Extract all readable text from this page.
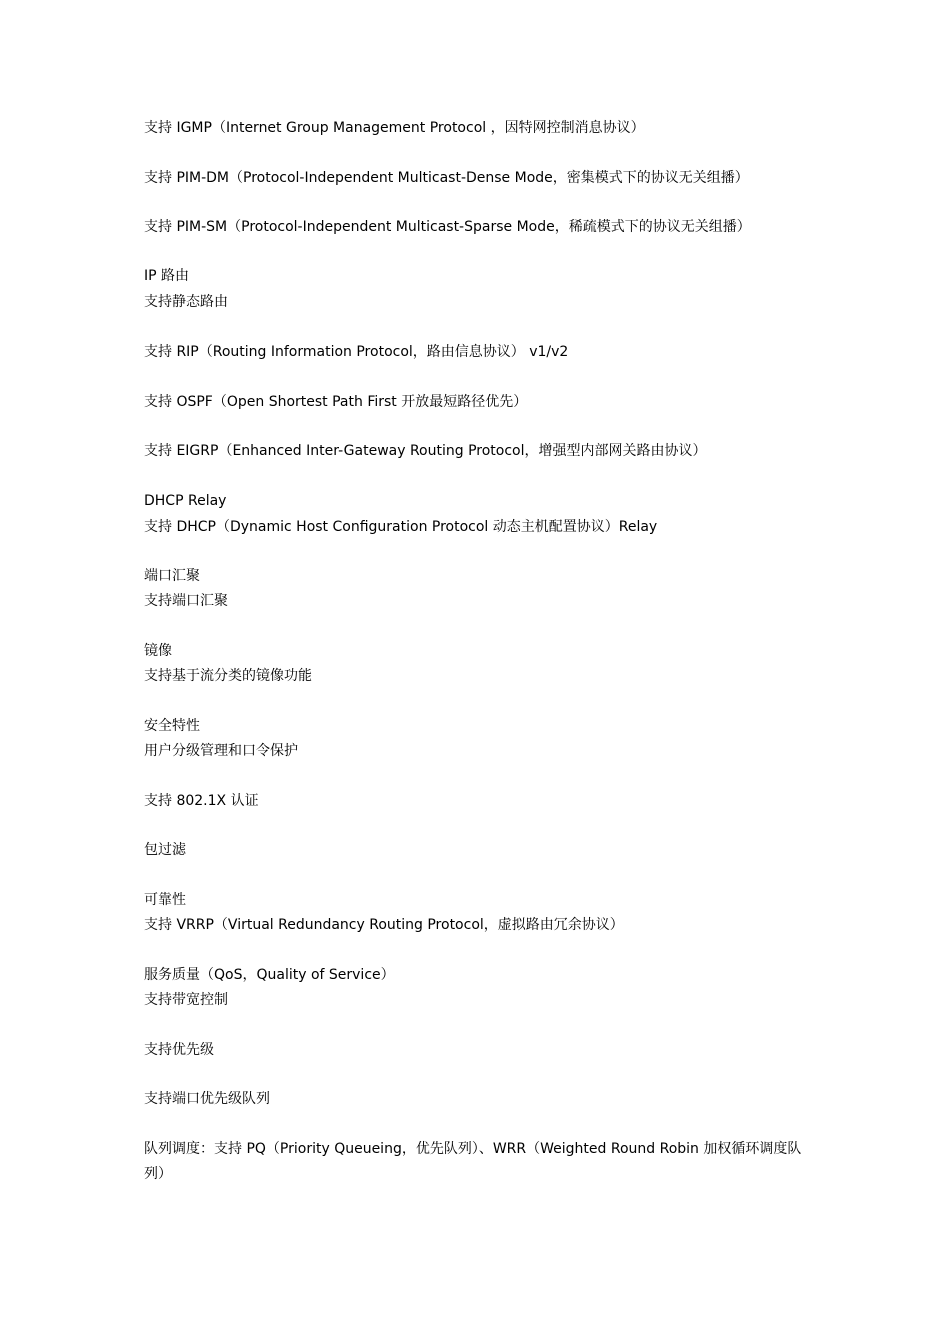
支持 IGMP（Internet Group Management Protocol ，因特网控制消息协议）
支持 PIM-DM（Protocol-Independent Multicast-Dense Mode，密集模式下的协议无关组播）
支持 PIM-SM（Protocol-Independent Multicast-Sparse Mode，稀疏模式下的协议无关组播）
IP 路由
支持静态路由
支持 RIP（Routing Information Protocol，路由信息协议） v1/v2
支持 OSPF（Open Shortest Path First 开放最短路径优先）
支持 EIGRP（Enhanced Inter-Gateway Routing Protocol，增强型内部网关路由协议）
DHCP Relay
支持 DHCP（Dynamic Host Configuration Protocol 动态主机配置协议）Relay
端口汇聚
支持端口汇聚
镜像
支持基于流分类的镜像功能
安全特性
用户分级管理和口令保护
支持 802.1X 认证
包过滤
可靠性
支持 VRRP（Virtual Redundancy Routing Protocol，虚拟路由冗余协议）
服务质量（QoS，Quality of Service）
支持带宽控制
支持优先级
支持端口优先级队列
队列调度：支持 PQ（Priority Queueing，优先队列）、WRR（Weighted Round Robin 加权循环调度队列）
